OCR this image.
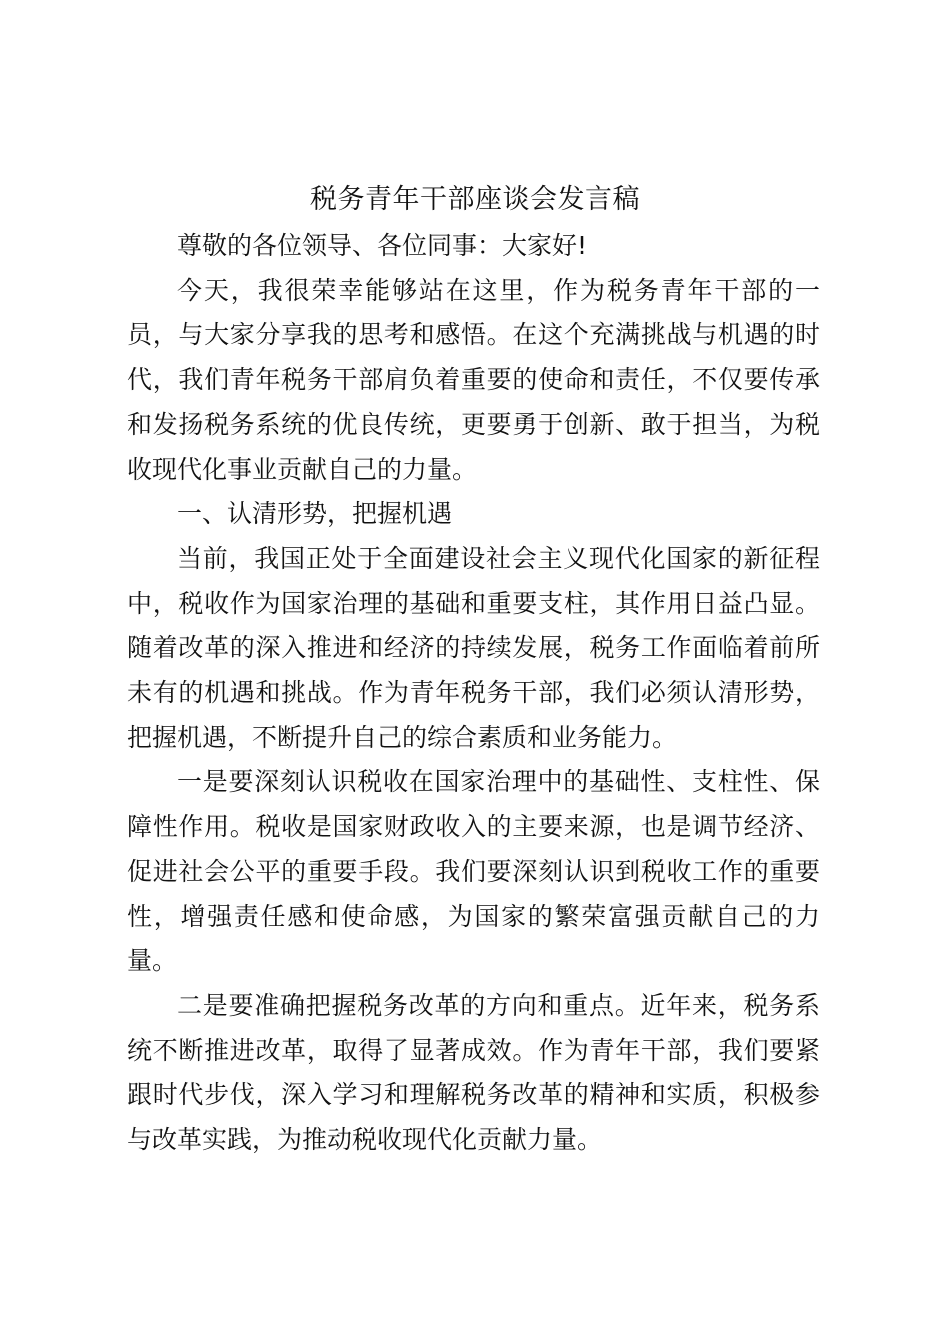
税务青年干部座谈会发言稿

尊敬的各位领导、各位同事：大家好!

今天，我很荣幸能够站在这里，作为税务青年干部的一员，与大家分享我的思考和感悟。在这个充满挑战与机遇的时代，我们青年税务干部肩负着重要的使命和责任，不仅要传承和发扬税务系统的优良传统，更要勇于创新、敢于担当，为税收现代化事业贡献自己的力量。

一、认清形势，把握机遇

当前，我国正处于全面建设社会主义现代化国家的新征程中，税收作为国家治理的基础和重要支柱，其作用日益凸显。随着改革的深入推进和经济的持续发展，税务工作面临着前所未有的机遇和挑战。作为青年税务干部，我们必须认清形势，把握机遇，不断提升自己的综合素质和业务能力。

一是要深刻认识税收在国家治理中的基础性、支柱性、保障性作用。税收是国家财政收入的主要来源，也是调节经济、促进社会公平的重要手段。我们要深刻认识到税收工作的重要性，增强责任感和使命感，为国家的繁荣富强贡献自己的力量。

二是要准确把握税务改革的方向和重点。近年来，税务系统不断推进改革，取得了显著成效。作为青年干部，我们要紧跟时代步伐，深入学习和理解税务改革的精神和实质，积极参与改革实践，为推动税收现代化贡献力量。
